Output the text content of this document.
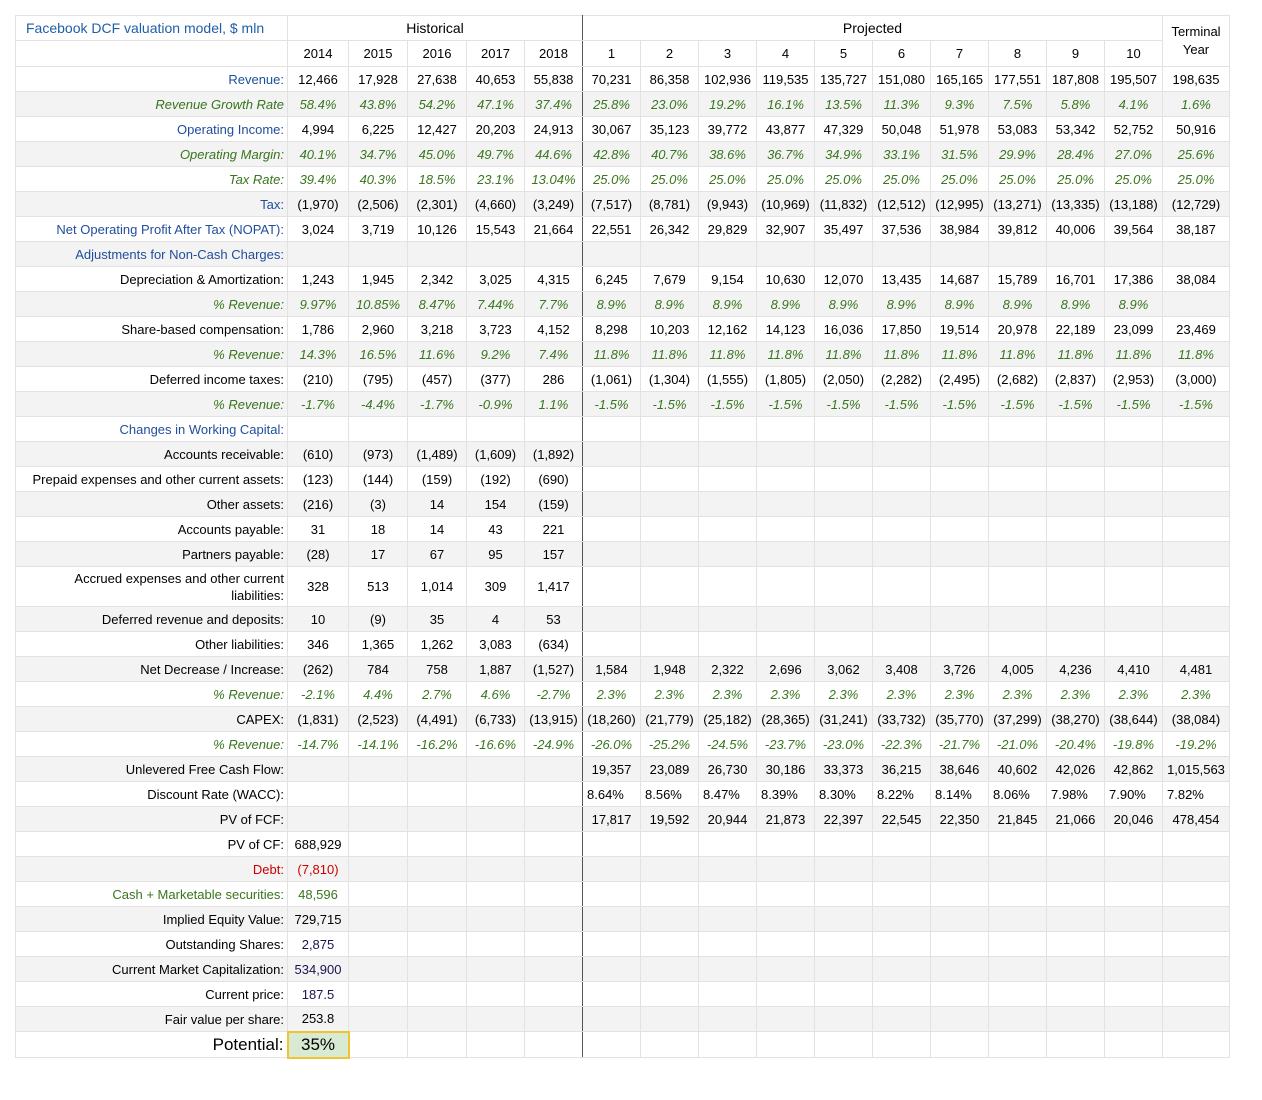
Facebook DCF valuation model, $ mln	Historical					Projected										Terminal Year
	2014	2015	2016	2017	2018	1	2	3	4	5	6	7	8	9	10	
Revenue:	12,466	17,928	27,638	40,653	55,838	70,231	86,358	102,936	119,535	135,727	151,080	165,165	177,551	187,808	195,507	198,635
Revenue Growth Rate	58.4%	43.8%	54.2%	47.1%	37.4%	25.8%	23.0%	19.2%	16.1%	13.5%	11.3%	9.3%	7.5%	5.8%	4.1%	1.6%
Operating Income:	4,994	6,225	12,427	20,203	24,913	30,067	35,123	39,772	43,877	47,329	50,048	51,978	53,083	53,342	52,752	50,916
Operating Margin:	40.1%	34.7%	45.0%	49.7%	44.6%	42.8%	40.7%	38.6%	36.7%	34.9%	33.1%	31.5%	29.9%	28.4%	27.0%	25.6%
Tax Rate:	39.4%	40.3%	18.5%	23.1%	13.04%	25.0%	25.0%	25.0%	25.0%	25.0%	25.0%	25.0%	25.0%	25.0%	25.0%	25.0%
Tax:	(1,970)	(2,506)	(2,301)	(4,660)	(3,249)	(7,517)	(8,781)	(9,943)	(10,969)	(11,832)	(12,512)	(12,995)	(13,271)	(13,335)	(13,188)	(12,729)
Net Operating Profit After Tax (NOPAT):	3,024	3,719	10,126	15,543	21,664	22,551	26,342	29,829	32,907	35,497	37,536	38,984	39,812	40,006	39,564	38,187
Adjustments for Non-Cash Charges:																
Depreciation & Amortization:	1,243	1,945	2,342	3,025	4,315	6,245	7,679	9,154	10,630	12,070	13,435	14,687	15,789	16,701	17,386	38,084
% Revenue:	9.97%	10.85%	8.47%	7.44%	7.7%	8.9%	8.9%	8.9%	8.9%	8.9%	8.9%	8.9%	8.9%	8.9%	8.9%	
Share-based compensation:	1,786	2,960	3,218	3,723	4,152	8,298	10,203	12,162	14,123	16,036	17,850	19,514	20,978	22,189	23,099	23,469
% Revenue:	14.3%	16.5%	11.6%	9.2%	7.4%	11.8%	11.8%	11.8%	11.8%	11.8%	11.8%	11.8%	11.8%	11.8%	11.8%	11.8%
Deferred income taxes:	(210)	(795)	(457)	(377)	286	(1,061)	(1,304)	(1,555)	(1,805)	(2,050)	(2,282)	(2,495)	(2,682)	(2,837)	(2,953)	(3,000)
% Revenue:	-1.7%	-4.4%	-1.7%	-0.9%	1.1%	-1.5%	-1.5%	-1.5%	-1.5%	-1.5%	-1.5%	-1.5%	-1.5%	-1.5%	-1.5%	-1.5%
Changes in Working Capital:																
Accounts receivable:	(610)	(973)	(1,489)	(1,609)	(1,892)											
Prepaid expenses and other current assets:	(123)	(144)	(159)	(192)	(690)											
Other assets:	(216)	(3)	14	154	(159)											
Accounts payable:	31	18	14	43	221											
Partners payable:	(28)	17	67	95	157											
Accrued expenses and other current liabilities:	328	513	1,014	309	1,417											
Deferred revenue and deposits:	10	(9)	35	4	53											
Other liabilities:	346	1,365	1,262	3,083	(634)											
Net Decrease / Increase:	(262)	784	758	1,887	(1,527)	1,584	1,948	2,322	2,696	3,062	3,408	3,726	4,005	4,236	4,410	4,481
% Revenue:	-2.1%	4.4%	2.7%	4.6%	-2.7%	2.3%	2.3%	2.3%	2.3%	2.3%	2.3%	2.3%	2.3%	2.3%	2.3%	2.3%
CAPEX:	(1,831)	(2,523)	(4,491)	(6,733)	(13,915)	(18,260)	(21,779)	(25,182)	(28,365)	(31,241)	(33,732)	(35,770)	(37,299)	(38,270)	(38,644)	(38,084)
% Revenue:	-14.7%	-14.1%	-16.2%	-16.6%	-24.9%	-26.0%	-25.2%	-24.5%	-23.7%	-23.0%	-22.3%	-21.7%	-21.0%	-20.4%	-19.8%	-19.2%
Unlevered Free Cash Flow:						19,357	23,089	26,730	30,186	33,373	36,215	38,646	40,602	42,026	42,862	1,015,563
Discount Rate (WACC):						8.64%	8.56%	8.47%	8.39%	8.30%	8.22%	8.14%	8.06%	7.98%	7.90%	7.82%
PV of FCF:						17,817	19,592	20,944	21,873	22,397	22,545	22,350	21,845	21,066	20,046	478,454
PV of CF:	688,929															
Debt:	(7,810)															
Cash + Marketable securities:	48,596															
Implied Equity Value:	729,715															
Outstanding Shares:	2,875															
Current Market Capitalization:	534,900															
Current price:	187.5															
Fair value per share:	253.8															
Potential:	35%															
